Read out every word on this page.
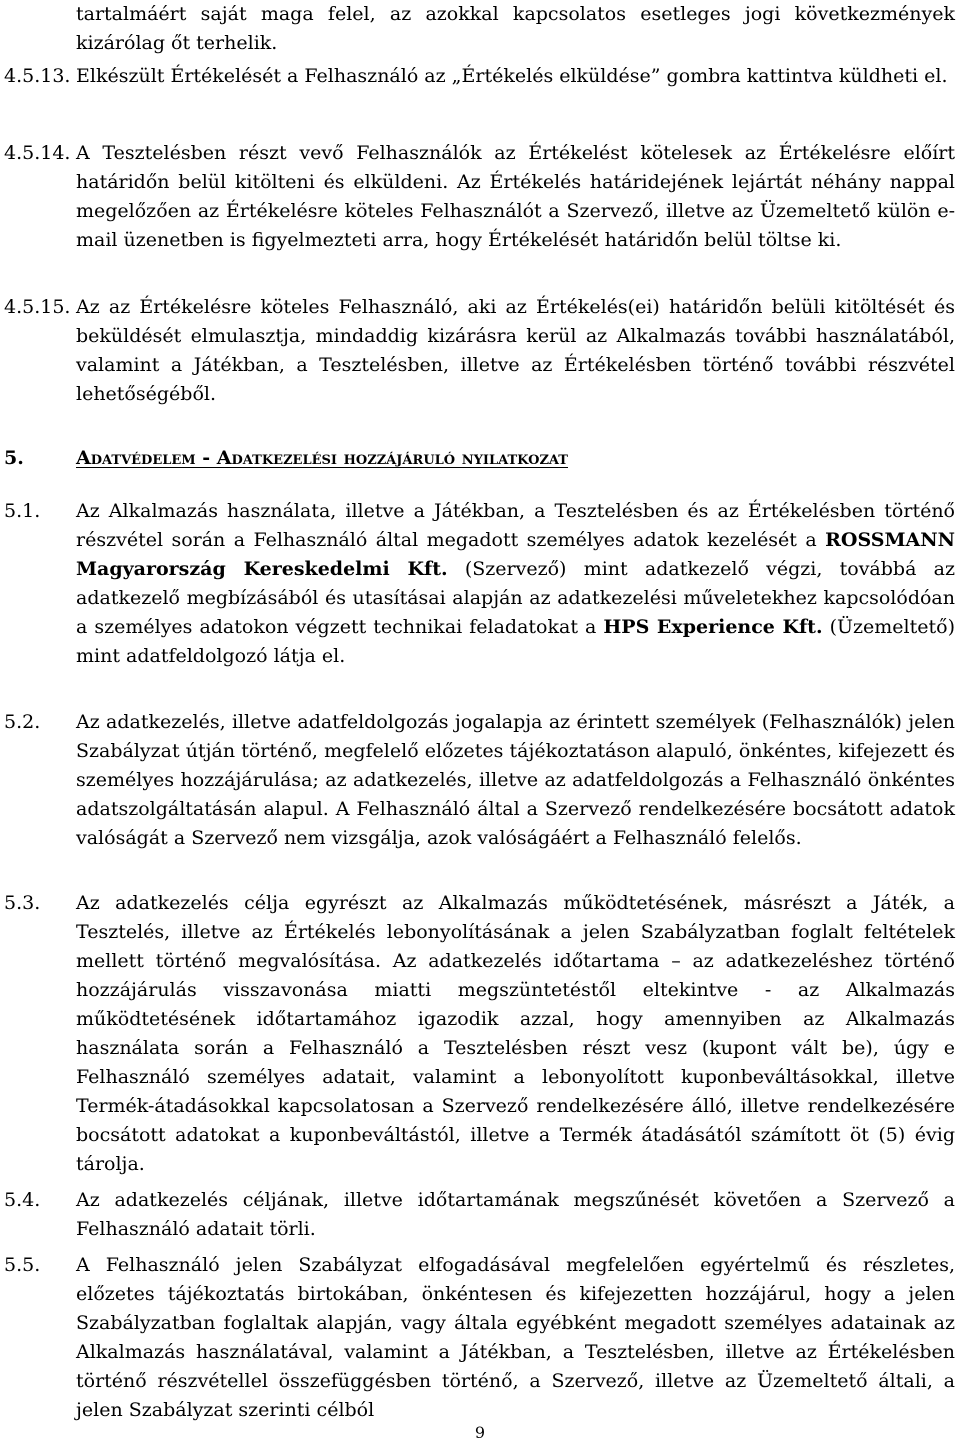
tartalmáért saját maga felel, az azokkal kapcsolatos esetleges jogi következmények kizárólag őt terhelik.
4.5.13. Elkészült Értékelését a Felhasználó az „Értékelés elküldése” gombra kattintva küldheti el.
4.5.14. A Tesztelésben részt vevő Felhasználók az Értékelést kötelesek az Értékelésre előírt határidőn belül kitölteni és elküldeni. Az Értékelés határidejének lejártát néhány nappal megelőzően az Értékelésre köteles Felhasználót a Szervező, illetve az Üzemeltető külön e-mail üzenetben is figyelmezteti arra, hogy Értékelését határidőn belül töltse ki.
4.5.15. Az az Értékelésre köteles Felhasználó, aki az Értékelés(ei) határidőn belüli kitöltését és beküldését elmulasztja, mindaddig kizárásra kerül az Alkalmazás további használatából, valamint a Játékban, a Tesztelésben, illetve az Értékelésben történő további részvétel lehetőségéből.
5.	Adatvédelem - Adatkezelési hozzájáruló nyilatkozat
5.1. Az Alkalmazás használata, illetve a Játékban, a Tesztelésben és az Értékelésben történő részvétel során a Felhasználó által megadott személyes adatok kezelését a ROSSMANN Magyarország Kereskedelmi Kft. (Szervező) mint adatkezelő végzi, továbbá az adatkezelő megbízásából és utasításai alapján az adatkezelési műveletekhez kapcsolódóan a személyes adatokon végzett technikai feladatokat a HPS Experience Kft. (Üzemeltető) mint adatfeldolgozó látja el.
5.2. Az adatkezelés, illetve adatfeldolgozás jogalapja az érintett személyek (Felhasználók) jelen Szabályzat útján történő, megfelelő előzetes tájékoztatáson alapuló, önkéntes, kifejezett és személyes hozzájárulása; az adatkezelés, illetve az adatfeldolgozás a Felhasználó önkéntes adatszolgáltatásán alapul. A Felhasználó által a Szervező rendelkezésére bocsátott adatok valóságát a Szervező nem vizsgálja, azok valóságáért a Felhasználó felelős.
5.3. Az adatkezelés célja egyrészt az Alkalmazás működtetésének, másrészt a Játék, a Tesztelés, illetve az Értékelés lebonyolításának a jelen Szabályzatban foglalt feltételek mellett történő megvalósítása. Az adatkezelés időtartama – az adatkezeléshez történő hozzájárulás visszavonása miatti megszüntetéstől eltekintve - az Alkalmazás működtetésének időtartamához igazodik azzal, hogy amennyiben az Alkalmazás használata során a Felhasználó a Tesztelésben részt vesz (kupont vált be), úgy e Felhasználó személyes adatait, valamint a lebonyolított kuponbeváltásokkal, illetve Termék-átadásokkal kapcsolatosan a Szervező rendelkezésére álló, illetve rendelkezésére bocsátott adatokat a kuponbeváltástól, illetve a Termék átadásától számított öt (5) évig tárolja.
5.4. Az adatkezelés céljának, illetve időtartamának megszűnését követően a Szervező a Felhasználó adatait törli.
5.5. A Felhasználó jelen Szabályzat elfogadásával megfelelően egyértelmű és részletes, előzetes tájékoztatás birtokában, önkéntesen és kifejezetten hozzájárul, hogy a jelen Szabályzatban foglaltak alapján, vagy általa egyébként megadott személyes adatainak az Alkalmazás használatával, valamint a Játékban, a Tesztelésben, illetve az Értékelésben történő részvétellel összefüggésben történő, a Szervező, illetve az Üzemeltető általi, a jelen Szabályzat szerinti célból
9
